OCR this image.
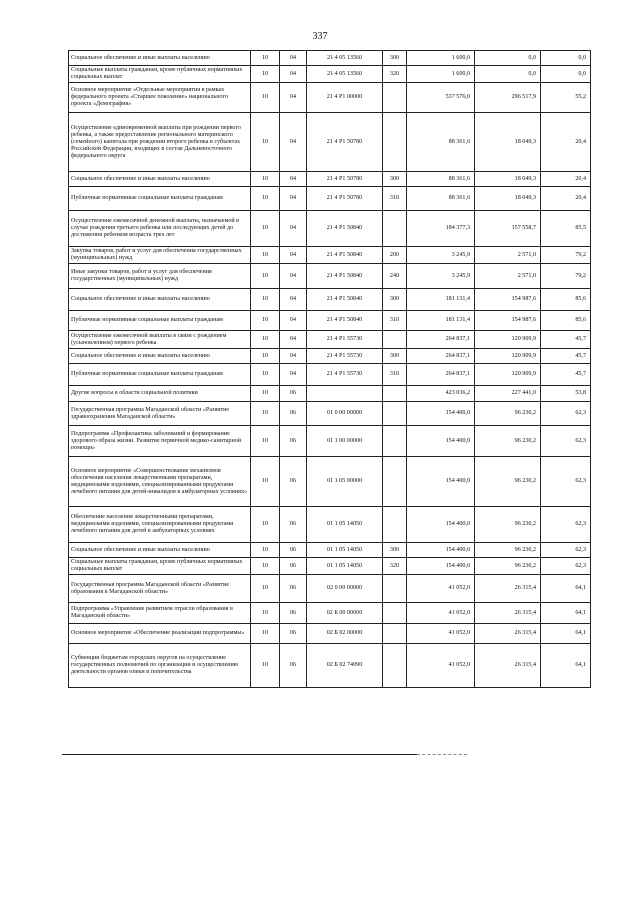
337
Социальное обеспечение и иные выплаты населению	10	04	21 4 05 13560	300	1 600,0	0,0	0,0
Социальные выплаты гражданам, кроме публичных нормативных социальных выплат	10	04	21 4 05 13560	320	1 600,0	0,0	0,0
Основное мероприятие «Отдельные мероприятия в рамках федерального проекта «Старшее поколение» национального проекта «Демография»	10	04	21 4 P1 00000		537 576,0	296 517,9	55,2
Осуществление единовременной выплаты при рождении первого ребенка, а также предоставление регионального материнского (семейного) капитала при рождении второго ребенка в субъектах Российской Федерации, входящих в состав Дальневосточного федерального округа	10	04	21 4 P1 50780		88 361,6	18 049,3	20,4
Социальное обеспечение и иные выплаты населению	10	04	21 4 P1 50780	300	88 361,6	18 049,3	20,4
Публичные нормативные социальные выплаты гражданам	10	04	21 4 P1 50780	310	88 361,6	18 049,3	20,4
Осуществление ежемесячной денежной выплаты, назначаемой в случае рождения третьего ребенка или последующих детей до достижения ребенком возраста трех лет	10	04	21 4 P1 50840		184 377,3	157 558,7	85,5
Закупка товаров, работ и услуг для обеспечения государственных (муниципальных) нужд	10	04	21 4 P1 50840	200	3 245,9	2 571,0	79,2
Иные закупки товаров, работ и услуг для обеспечения государственных (муниципальных) нужд	10	04	21 4 P1 50840	240	3 245,9	2 571,0	79,2
Социальное обеспечение и иные выплаты населению	10	04	21 4 P1 50840	300	181 131,4	154 987,6	85,6
Публичные нормативные социальные выплаты гражданам	10	04	21 4 P1 50840	310	181 131,4	154 987,6	85,6
Осуществление ежемесячной выплаты в связи с рождением (усыновлением) первого ребенка	10	04	21 4 P1 55730		264 837,1	120 909,9	45,7
Социальное обеспечение и иные выплаты населению	10	04	21 4 P1 55730	300	264 837,1	120 909,9	45,7
Публичные нормативные социальные выплаты гражданам	10	04	21 4 P1 55730	310	264 837,1	120 909,9	45,7
Другие вопросы в области социальной политики	10	06			423 036,2	227 441,0	53,8
Государственная программа Магаданской области «Развитие здравоохранения Магаданской области»	10	06	01 0 00 00000		154 400,0	96 230,2	62,3
Подпрограмма «Профилактика заболеваний и формирование здорового образа жизни. Развитие первичной медико-санитарной помощи»	10	06	01 1 00 00000		154 400,0	96 230,2	62,3
Основное мероприятие «Совершенствование механизмов обеспечения населения лекарственными препаратами, медицинскими изделиями, специализированными продуктами лечебного питания для детей-инвалидов в амбулаторных условиях»	10	06	01 1 05 00000		154 400,0	96 230,2	62,3
Обеспечение населения лекарственными препаратами, медицинскими изделиями, специализированными продуктами лечебного питания для детей в амбулаторных условиях	10	06	01 1 05 14050		154 400,0	96 230,2	62,3
Социальное обеспечение и иные выплаты населению	10	06	01 1 05 14050	300	154 400,0	96 230,2	62,3
Социальные выплаты гражданам, кроме публичных нормативных социальных выплат	10	06	01 1 05 14050	320	154 400,0	96 230,2	62,3
Государственная программа Магаданской области «Развитие образования в Магаданской области»	10	06	02 0 00 00000		41 052,0	26 315,4	64,1
Подпрограмма «Управление развитием отрасли образования в Магаданской области»	10	06	02 Б 00 00000		41 052,0	26 315,4	64,1
Основное мероприятие «Обеспечение реализации подпрограммы»	10	06	02 Б 02 00000		41 052,0	26 315,4	64,1
Субвенции бюджетам городских округов на осуществление государственных полномочий по организации и осуществлению деятельности органов опеки и попечительства	10	06	02 Б 02 74090		41 052,0	26 315,4	64,1
